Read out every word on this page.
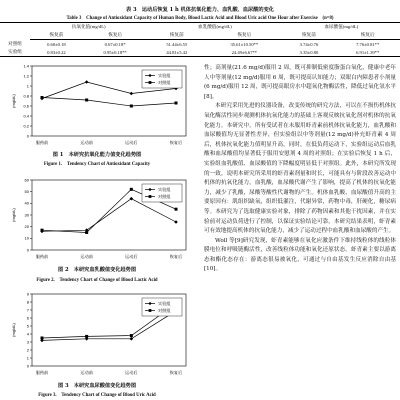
表 3　运动后恢复 1 h 机体抗氧化能力、血乳酸、血尿酸的变化
Table 3　Change of Antioxidant Capacity of Human Body, Blood Lactic Acid and Blood Uric acid One Hour after Exercise　(n=8)
	抗氧化值(mg/dL)		血乳酸值(mg/dL)		血尿酸值(mg/dL)	
	恢复前	恢复后	恢复前	恢复后	恢复前	恢复后
对照组	0.60±0.18	0.67±0.18*	51.44±6.55	35.61±10.50**	3.74±0.76	7.76±0.81**
实验组	0.83±0.22	0.95±0.18**	44.81±5.42	24.49±6.67**	3.35±0.80	6.91±1.39**
0
0.2
0.4
0.6
0.8
1
1.2
1.4
(mg/dL)
服药前	运动前	运动后	恢复后
实验组
对照组
图 1　 本研究抗氧化能力值变化趋势图
Figure 1.　 Tendency Chart of Antioxidant Capacity
0
10
20
30
40
50
60
(mg/dL)
服药前	运动前	运动后	恢复后
实验组
对照组
图 2　 本研究血乳酸值变化趋势图
Figure 2.　 Tendency Chart of Change of Blood Lactic Acid
0
1
2
3
4
5
6
7
8
9
(mg/dL)
服药前	运动前	运动后	恢复后
实验组
对照组
图 3　 本研究血尿酸值变化趋势图
Figure 3.　 Tendency Chart of Change of Blood Uric Acid

性；高剂量(21.6 mg/d)服用 2 周，既可抑制低密度脂蛋白氧化，健康中老年人中等剂量(12 mg/d)服用 6 周，既可提高认知能力；双眼白内障患者小剂量(6 mg/d)服用 12 周，既可提高眼房水中超氧化物酶活性，降低过氧化氢水平[8]。

本研究采用先进的仪器设备，改变传统的研究方法，可以在不损伤机体抗氧化酶活性同步观测机体抗氧化能力的基础上客观反映抗氧化剂对机体的抗氧化能力。本研究中，所有受试者在未服用虾青素前机体抗氧化能力，血乳酸和血尿酸值均无显著性差异，但实验组以中等剂量(12 mg/d)补充虾青素 4 周后，机体抗氧化能力值明显升高，同时，在低负荷运动下，实验组运动后血乳酸和血尿酸值均显著低于服用安慰剂 4 周的对照组；在实验后恢复 1 h 后，实验组血乳酸值、血尿酸值的下降幅度明显低于对照组。此外，本研究所发现的一致，说明本研究所采用的虾青素剂量和时长，可能具有与阶段改善运动中机体的抗氧化能力，血乳酸，血尿酸代谢产生了影响，提高了机体的抗氧化能力，减少了乳酸，尿酸等酸性代谢物的产生。机体血乳酸、血尿酸值升高的主要原因有：肌组织缺氧，组织低灌注，代谢异常，药物中毒，肝硬化，糖尿病等。本研究为了选取健康实验对象，排除了药物因素和其他干扰因素，并在实验前对运动负荷进行了控制，以保证实验结论可靠。本研究结果表明，虾青素可有效地提高机体的抗氧化能力，减少了运动过程中血乳酸和血尿酸的产生。

Woll 等[9]研究发现，虾青素能够在氧化应激条件下维持线粒体的线粒体膜电位和呼吸链酶活性，改善线粒体功能和氧化还原状态。虾青素主要以游离态和酯化态存在：游离态很易被氧化，可通过与自由基发生反应消除自由基[10]。
